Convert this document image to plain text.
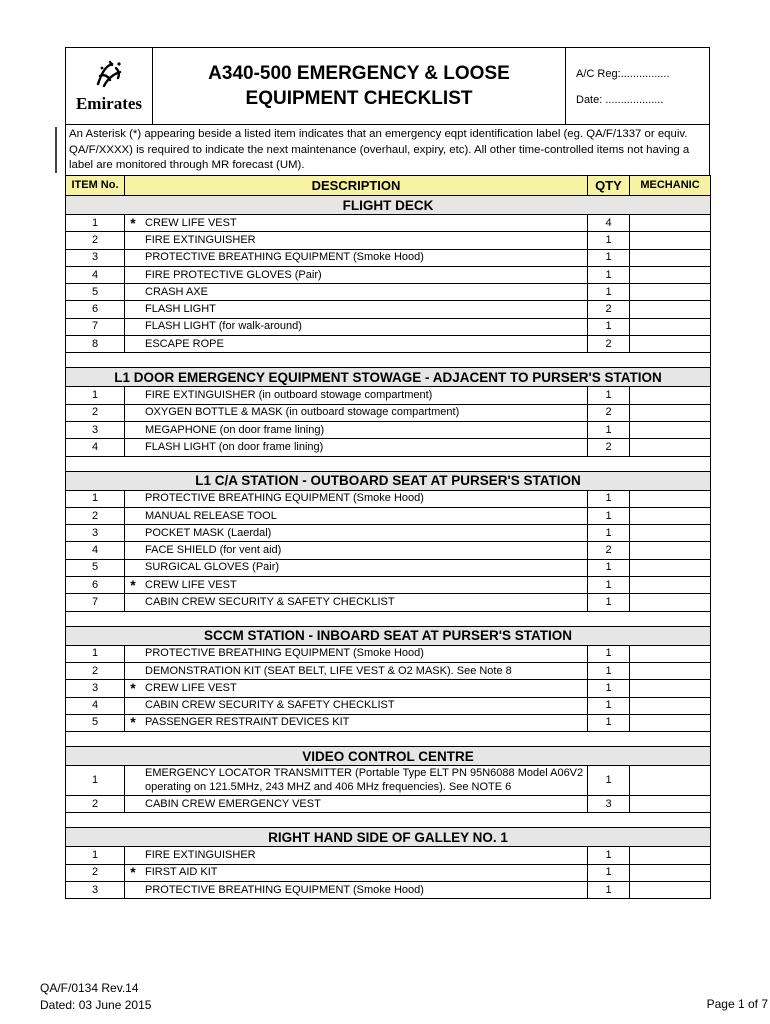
Emirates
A340-500 EMERGENCY & LOOSE
EQUIPMENT CHECKLIST
A/C Reg:................
Date: ...................
An Asterisk (*) appearing beside a listed item indicates that an emergency eqpt identification label (eg. QA/F/1337 or equiv. QA/F/XXXX) is required to indicate the next maintenance (overhaul, expiry, etc). All other time-controlled items not having a label are monitored through MR forecast (UM).
ITEM No.	DESCRIPTION		QTY	MECHANIC
FLIGHT DECK				
1	*	CREW LIFE VEST	4	
2		FIRE EXTINGUISHER	1	
3		PROTECTIVE BREATHING EQUIPMENT (Smoke Hood)	1	
4		FIRE PROTECTIVE GLOVES (Pair)	1	
5		CRASH AXE	1	
6		FLASH LIGHT	2	
7		FLASH LIGHT (for walk-around)	1	
8		ESCAPE ROPE	2	

L1 DOOR EMERGENCY EQUIPMENT STOWAGE - ADJACENT TO PURSER'S STATION				
1		FIRE EXTINGUISHER (in outboard stowage compartment)	1	
2		OXYGEN BOTTLE & MASK (in outboard stowage compartment)	2	
3		MEGAPHONE (on door frame lining)	1	
4		FLASH LIGHT (on door frame lining)	2	

L1 C/A STATION - OUTBOARD SEAT AT PURSER'S STATION				
1		PROTECTIVE BREATHING EQUIPMENT (Smoke Hood)	1	
2		MANUAL RELEASE TOOL	1	
3		POCKET MASK (Laerdal)	1	
4		FACE SHIELD (for vent aid)	2	
5		SURGICAL GLOVES (Pair)	1	
6	*	CREW LIFE VEST	1	
7		CABIN CREW SECURITY & SAFETY CHECKLIST	1	

SCCM STATION - INBOARD SEAT AT PURSER'S STATION				
1		PROTECTIVE BREATHING EQUIPMENT (Smoke Hood)	1	
2		DEMONSTRATION KIT (SEAT BELT, LIFE VEST & O2 MASK). See Note 8	1	
3	*	CREW LIFE VEST	1	
4		CABIN CREW SECURITY & SAFETY CHECKLIST	1	
5	*	PASSENGER RESTRAINT DEVICES KIT	1	

VIDEO CONTROL CENTRE				
1		EMERGENCY LOCATOR TRANSMITTER (Portable Type ELT PN 95N6088 Model A06V2 operating on 121.5MHz, 243 MHZ and 406 MHz frequencies). See NOTE 6	1	
2		CABIN CREW EMERGENCY VEST	3	

RIGHT HAND SIDE OF GALLEY NO. 1				
1		FIRE EXTINGUISHER	1	
2	*	FIRST AID KIT	1	
3		PROTECTIVE BREATHING EQUIPMENT (Smoke Hood)	1	
QA/F/0134 Rev.14
Dated: 03 June 2015	Page 1 of 7
